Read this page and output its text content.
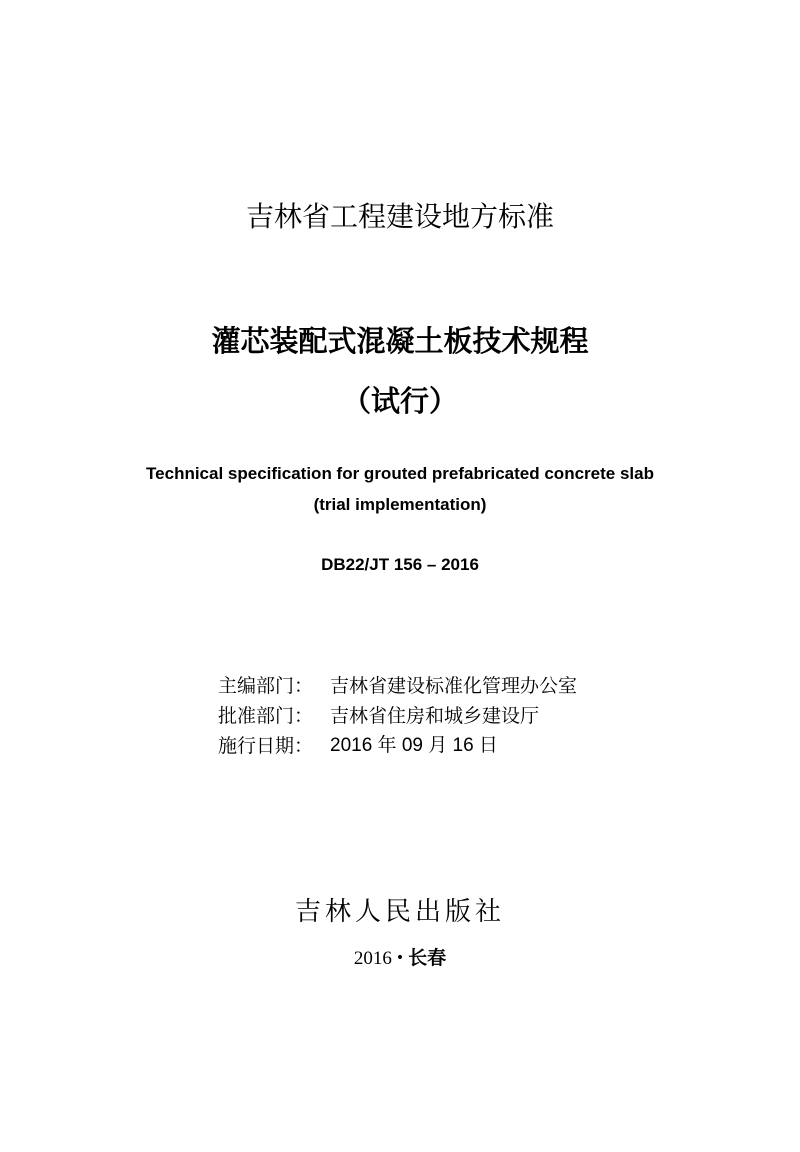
吉林省工程建设地方标准
灌芯装配式混凝土板技术规程
（试行）
Technical specification for grouted prefabricated concrete slab
(trial implementation)
DB22/JT 156 – 2016
主编部门： 吉林省建设标准化管理办公室
批准部门： 吉林省住房和城乡建设厅
施行日期： 2016 年 09 月 16 日
吉林人民出版社
2016 • 长春
